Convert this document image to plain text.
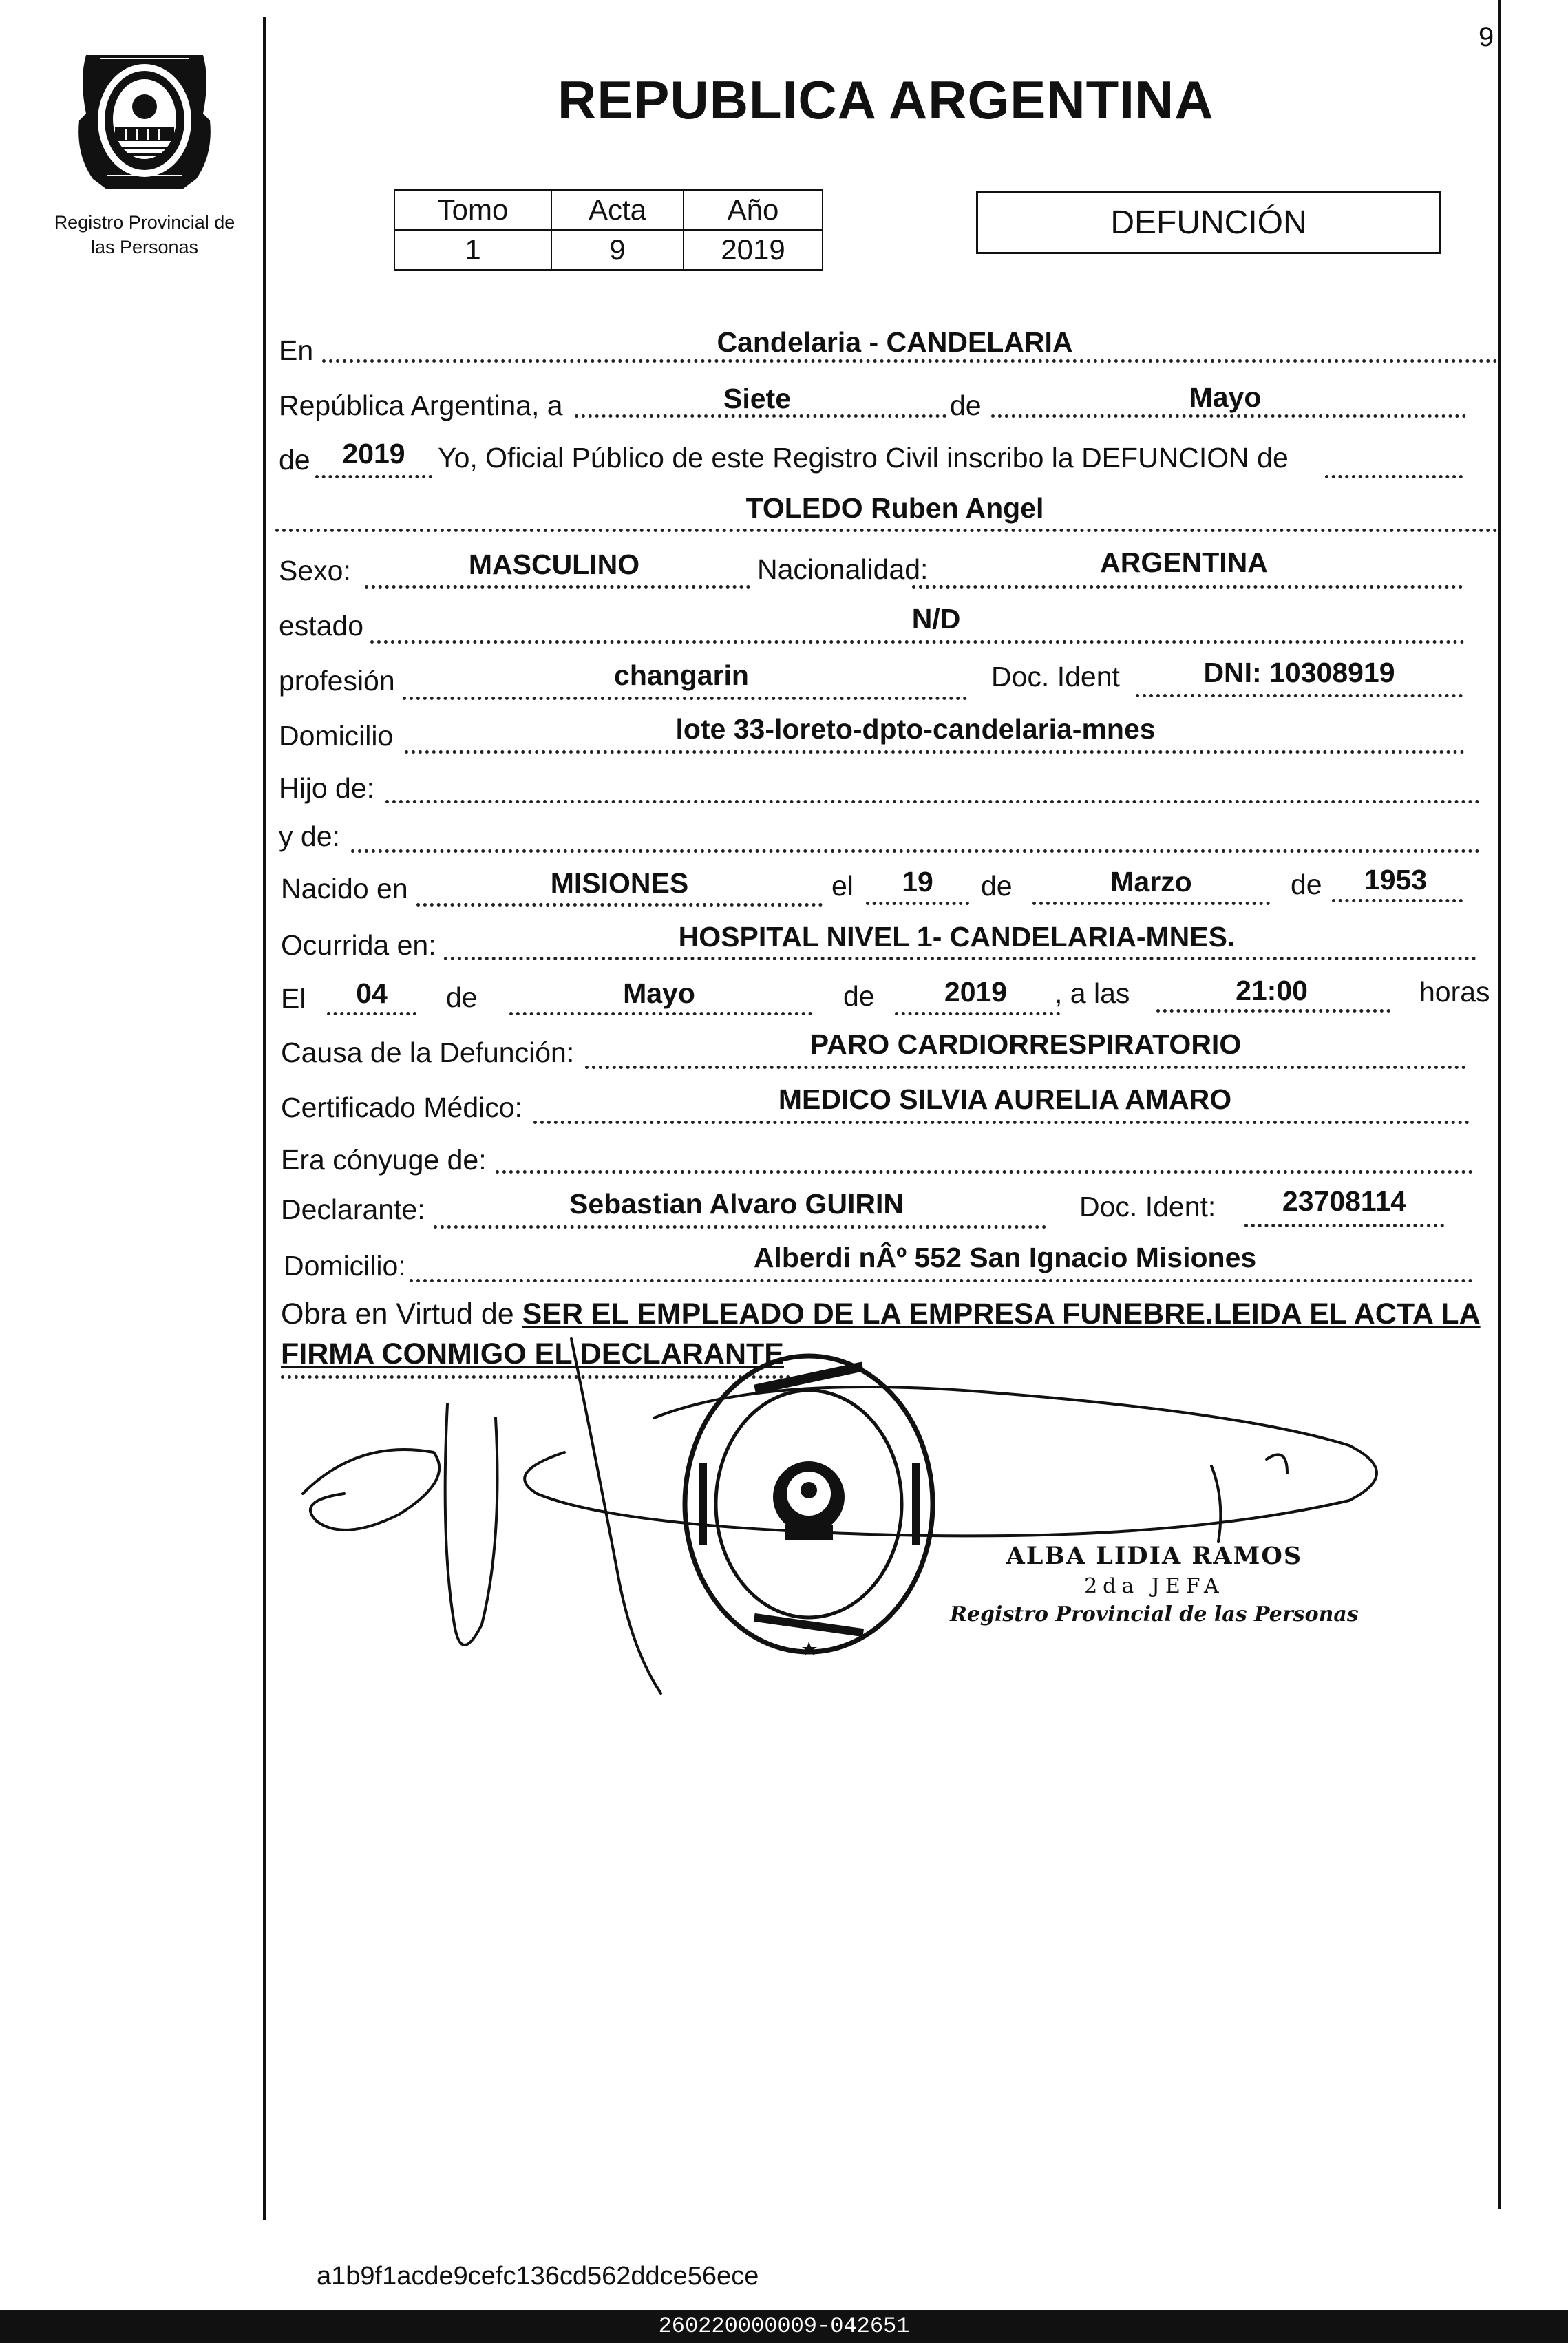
9
Registro Provincial de
las Personas
REPUBLICA ARGENTINA
Tomo	Acta	Año
1	9	2019
DEFUNCIÓN
En	Candelaria - CANDELARIA
República Argentina, a	Siete	de	Mayo
de	2019	Yo, Oficial Público de este Registro Civil inscribo la DEFUNCION de
TOLEDO Ruben Angel
Sexo:	MASCULINO	Nacionalidad:	ARGENTINA
estado	N/D
profesión	changarin	Doc. Ident	DNI: 10308919
Domicilio	lote 33-loreto-dpto-candelaria-mnes
Hijo de:
y de:
Nacido en	MISIONES	el	19	de	Marzo	de	1953
Ocurrida en:	HOSPITAL NIVEL 1- CANDELARIA-MNES.
El	04	de	Mayo	de	2019	, a las	21:00	horas
Causa de la Defunción:	PARO CARDIORRESPIRATORIO
Certificado Médico:	MEDICO SILVIA AURELIA AMARO
Era cónyuge de:
Declarante:	Sebastian Alvaro GUIRIN	Doc. Ident:	23708114
Domicilio:	Alberdi nÂº 552 San Ignacio Misiones
Obra en Virtud de SER EL EMPLEADO DE LA EMPRESA FUNEBRE.LEIDA EL ACTA LA FIRMA CONMIGO EL DECLARANTE
ALBA LIDIA RAMOS
2da JEFA
Registro Provincial de las Personas
a1b9f1acde9cefc136cd562ddce56ece
260220000009-042651
